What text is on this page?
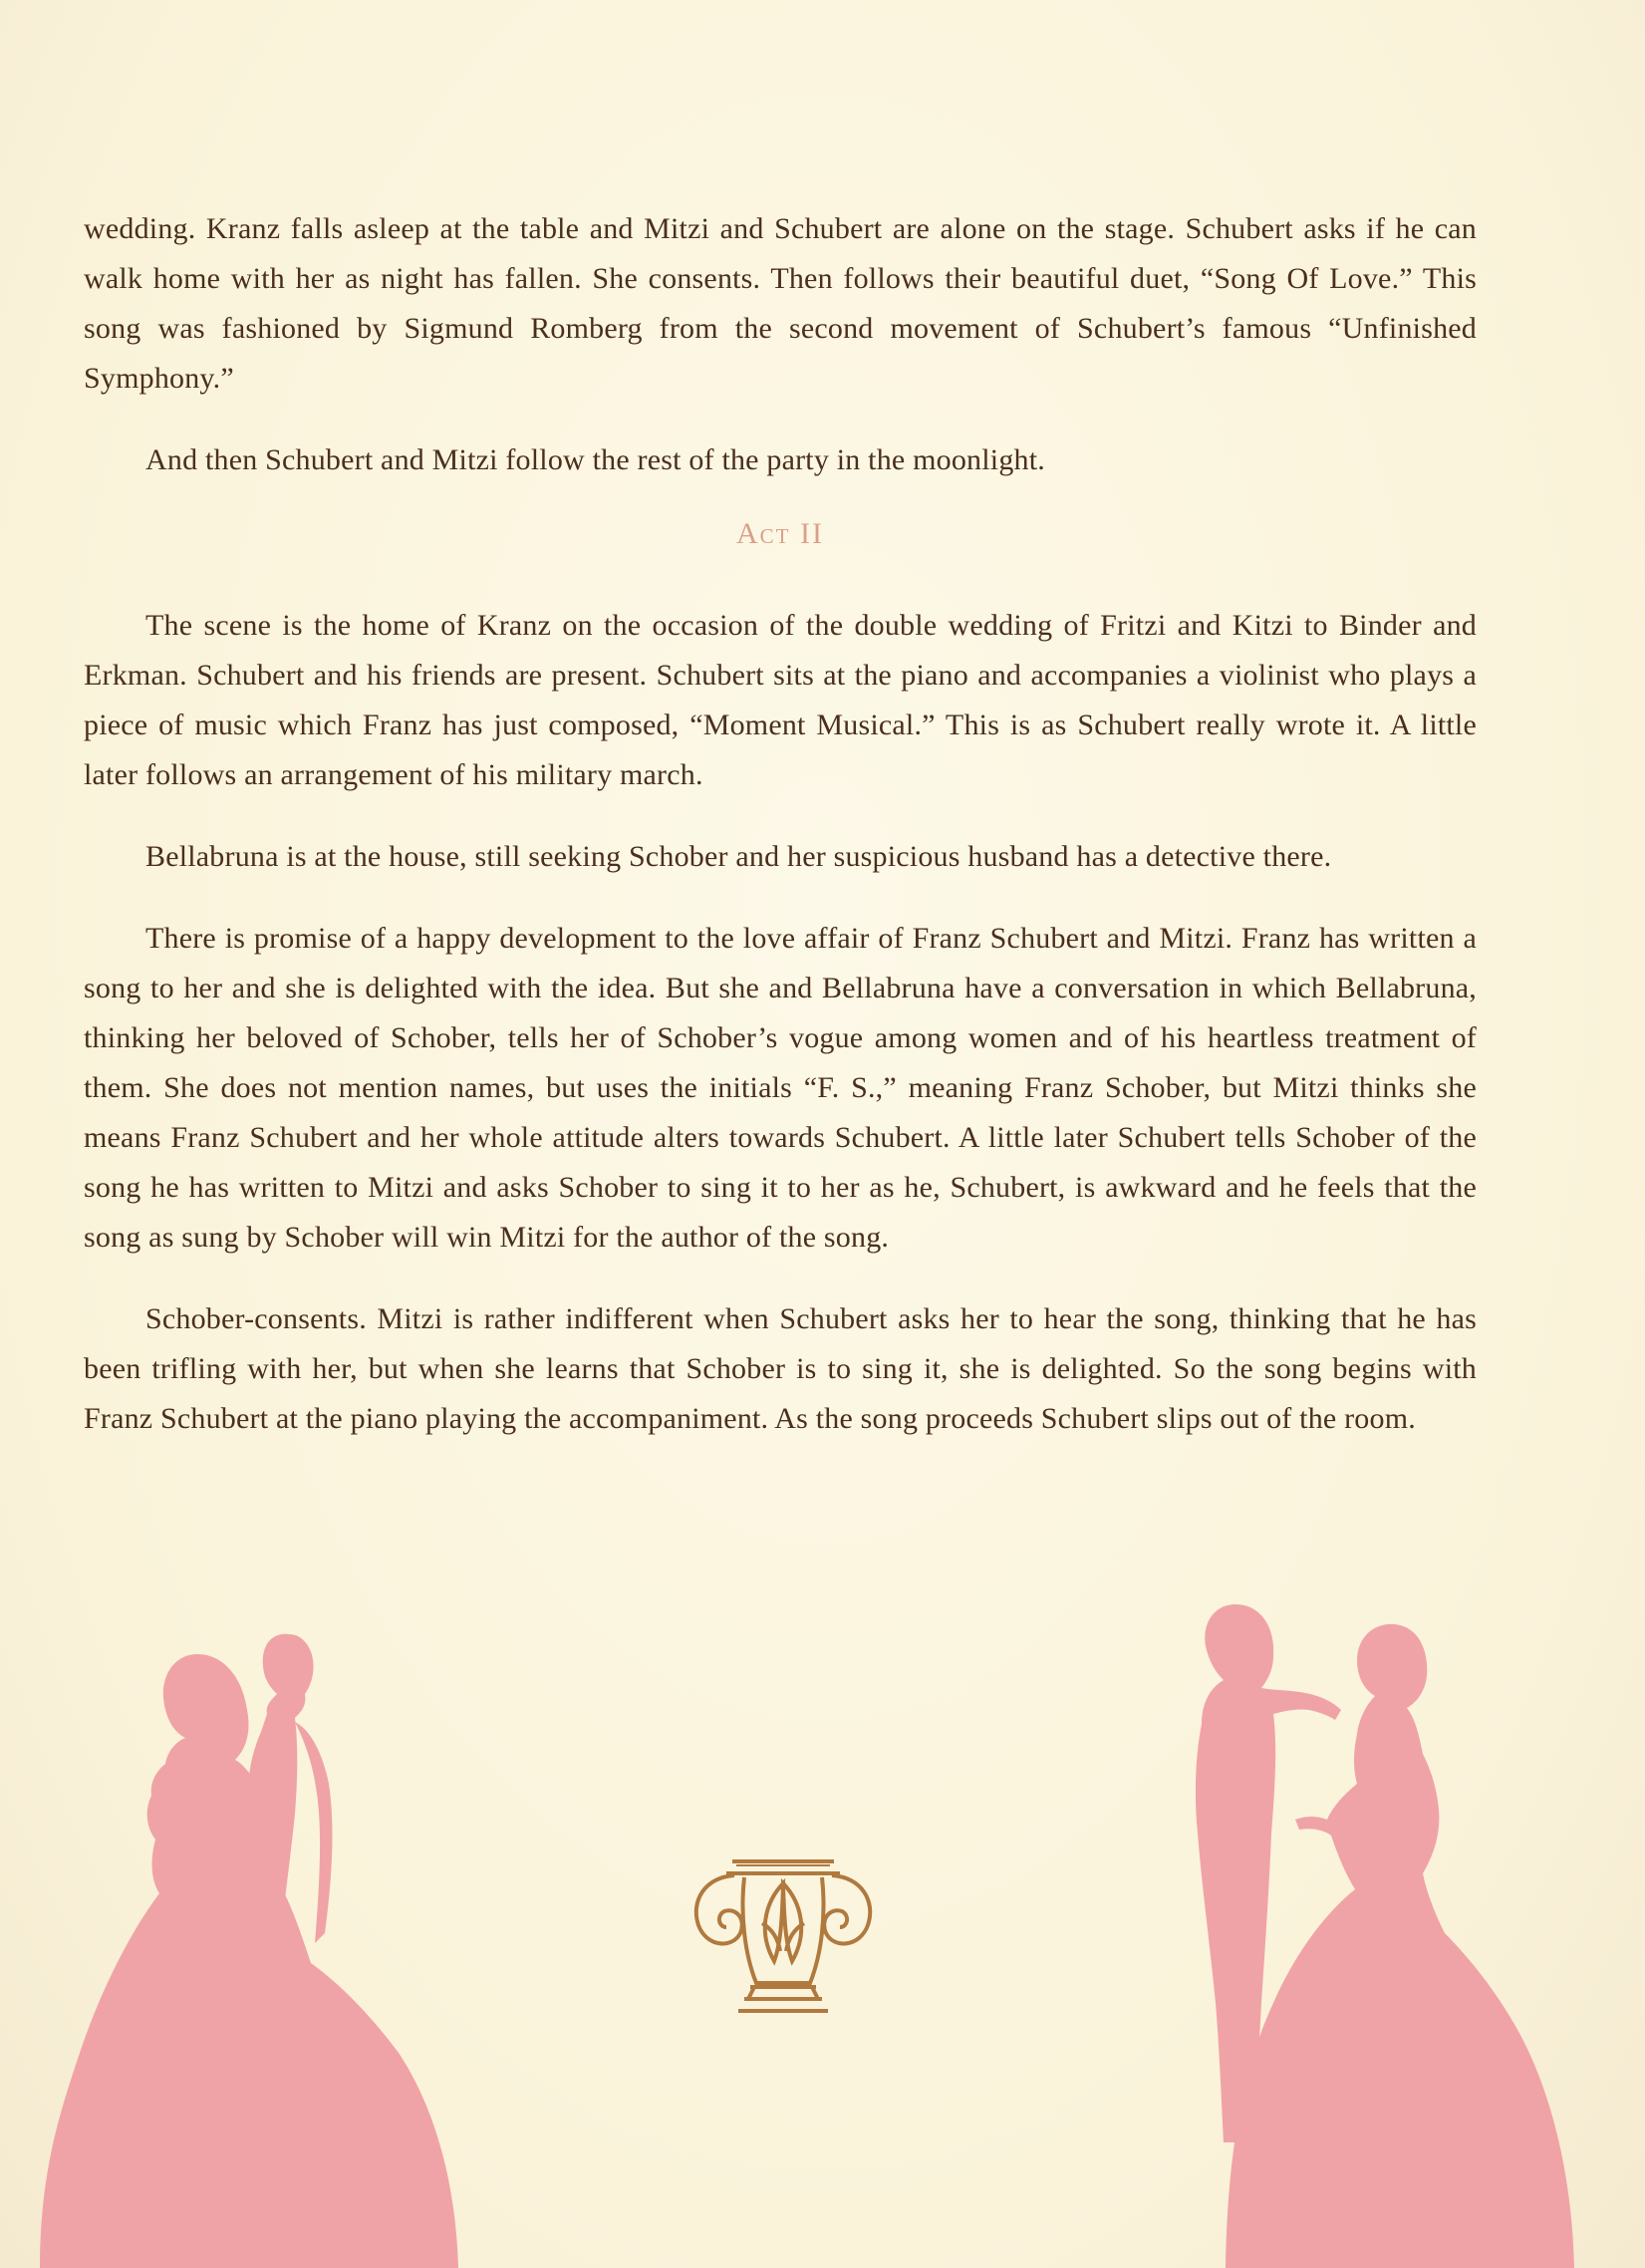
wedding. Kranz falls asleep at the table and Mitzi and Schubert are alone on the stage. Schubert asks if he can walk home with her as night has fallen. She consents. Then follows their beautiful duet, “Song Of Love.” This song was fashioned by Sigmund Romberg from the second movement of Schubert’s famous “Unfinished Symphony.”

And then Schubert and Mitzi follow the rest of the party in the moonlight.

Act II

The scene is the home of Kranz on the occasion of the double wedding of Fritzi and Kitzi to Binder and Erkman. Schubert and his friends are present. Schubert sits at the piano and accompanies a violinist who plays a piece of music which Franz has just composed, “Moment Musical.” This is as Schubert really wrote it. A little later follows an arrangement of his military march.

Bellabruna is at the house, still seeking Schober and her suspicious husband has a detective there.

There is promise of a happy development to the love affair of Franz Schubert and Mitzi. Franz has written a song to her and she is delighted with the idea. But she and Bellabruna have a conversation in which Bellabruna, thinking her beloved of Schober, tells her of Schober’s vogue among women and of his heartless treatment of them. She does not mention names, but uses the initials “F. S.,” meaning Franz Schober, but Mitzi thinks she means Franz Schubert and her whole attitude alters towards Schubert. A little later Schubert tells Schober of the song he has written to Mitzi and asks Schober to sing it to her as he, Schubert, is awkward and he feels that the song as sung by Schober will win Mitzi for the author of the song.

Schober-consents. Mitzi is rather indifferent when Schubert asks her to hear the song, thinking that he has been trifling with her, but when she learns that Schober is to sing it, she is delighted. So the song begins with Franz Schubert at the piano playing the accompaniment. As the song proceeds Schubert slips out of the room.
